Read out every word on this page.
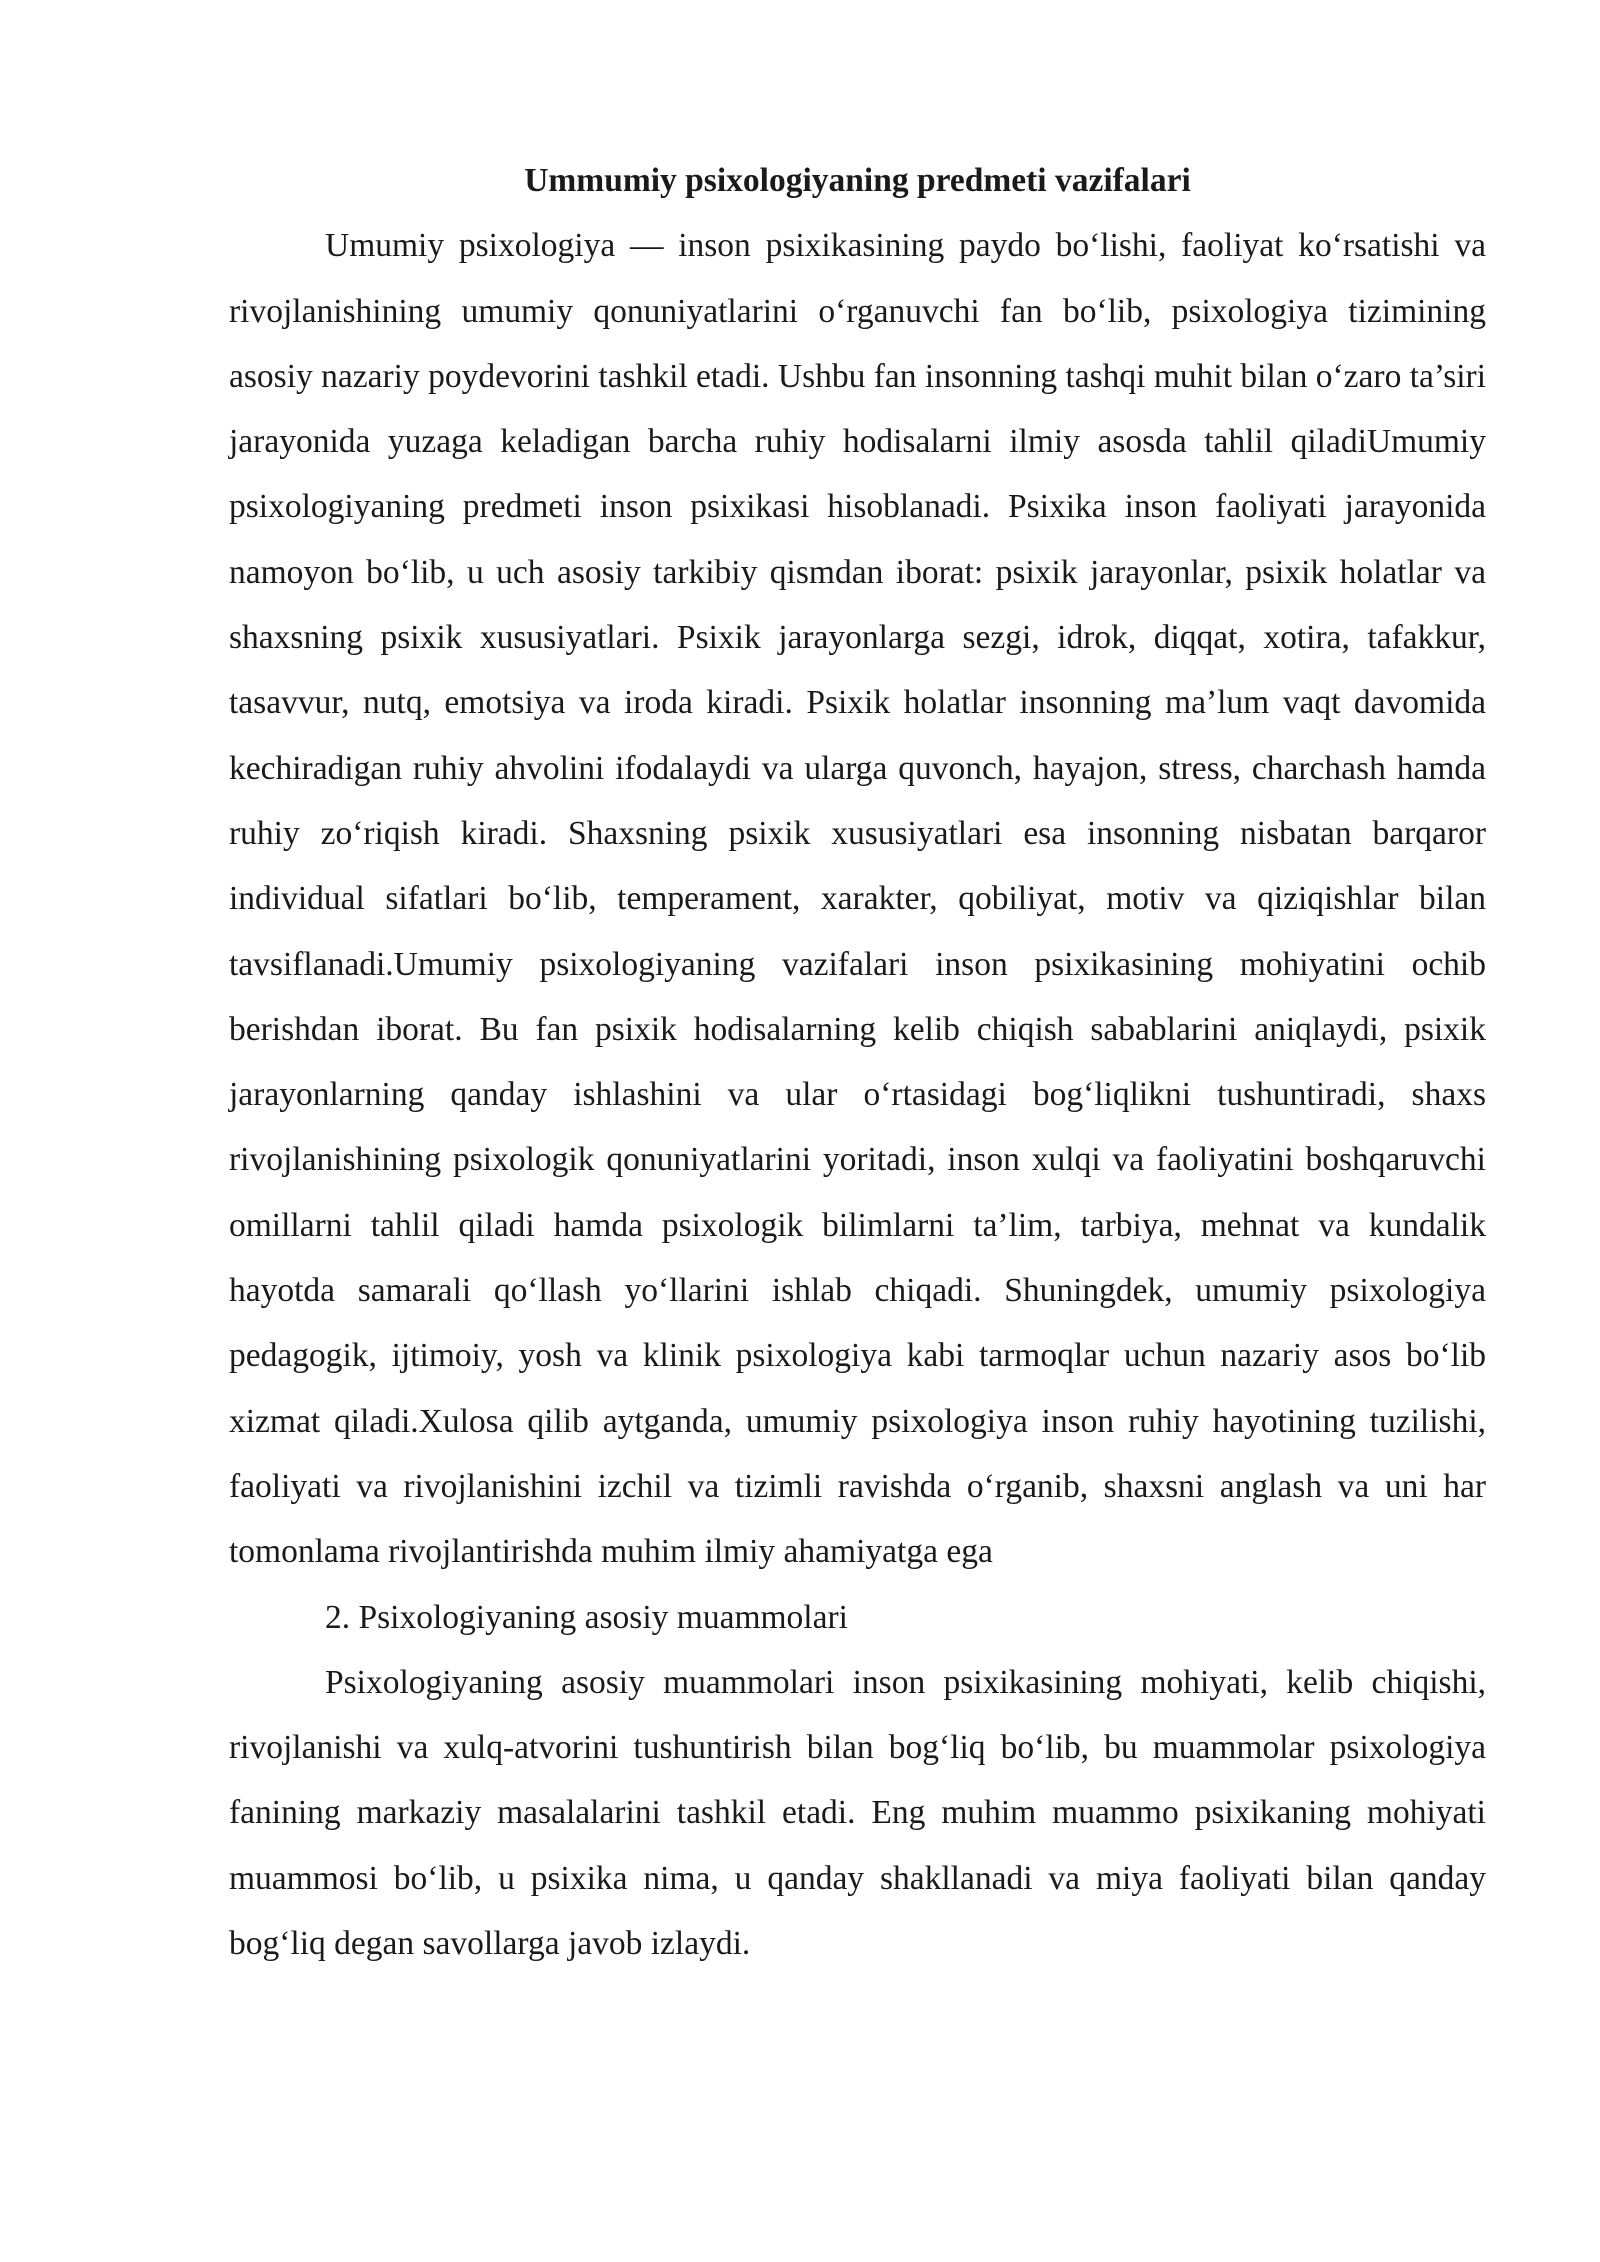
Ummumiy psixologiyaning predmeti vazifalari

Umumiy psixologiya — inson psixikasining paydo bo‘lishi, faoliyat ko‘rsatishi va rivojlanishining umumiy qonuniyatlarini o‘rganuvchi fan bo‘lib, psixologiya tizimining asosiy nazariy poydevorini tashkil etadi. Ushbu fan insonning tashqi muhit bilan o‘zaro ta’siri jarayonida yuzaga keladigan barcha ruhiy hodisalarni ilmiy asosda tahlil qiladiUmumiy psixologiyaning predmeti inson psixikasi hisoblanadi. Psixika inson faoliyati jarayonida namoyon bo‘lib, u uch asosiy tarkibiy qismdan iborat: psixik jarayonlar, psixik holatlar va shaxsning psixik xususiyatlari. Psixik jarayonlarga sezgi, idrok, diqqat, xotira, tafakkur, tasavvur, nutq, emotsiya va iroda kiradi. Psixik holatlar insonning ma’lum vaqt davomida kechiradigan ruhiy ahvolini ifodalaydi va ularga quvonch, hayajon, stress, charchash hamda ruhiy zo‘riqish kiradi. Shaxsning psixik xususiyatlari esa insonning nisbatan barqaror individual sifatlari bo‘lib, temperament, xarakter, qobiliyat, motiv va qiziqishlar bilan tavsiflanadi.Umumiy psixologiyaning vazifalari inson psixikasining mohiyatini ochib berishdan iborat. Bu fan psixik hodisalarning kelib chiqish sabablarini aniqlaydi, psixik jarayonlarning qanday ishlashini va ular o‘rtasidagi bog‘liqlikni tushuntiradi, shaxs rivojlanishining psixologik qonuniyatlarini yoritadi, inson xulqi va faoliyatini boshqaruvchi omillarni tahlil qiladi hamda psixologik bilimlarni ta’lim, tarbiya, mehnat va kundalik hayotda samarali qo‘llash yo‘llarini ishlab chiqadi. Shuningdek, umumiy psixologiya pedagogik, ijtimoiy, yosh va klinik psixologiya kabi tarmoqlar uchun nazariy asos bo‘lib xizmat qiladi.Xulosa qilib aytganda, umumiy psixologiya inson ruhiy hayotining tuzilishi, faoliyati va rivojlanishini izchil va tizimli ravishda o‘rganib, shaxsni anglash va uni har tomonlama rivojlantirishda muhim ilmiy ahamiyatga ega

2. Psixologiyaning asosiy muammolari

Psixologiyaning asosiy muammolari inson psixikasining mohiyati, kelib chiqishi, rivojlanishi va xulq-atvorini tushuntirish bilan bog‘liq bo‘lib, bu muammolar psixologiya fanining markaziy masalalarini tashkil etadi. Eng muhim muammo psixikaning mohiyati muammosi bo‘lib, u psixika nima, u qanday shakllanadi va miya faoliyati bilan qanday bog‘liq degan savollarga javob izlaydi.
